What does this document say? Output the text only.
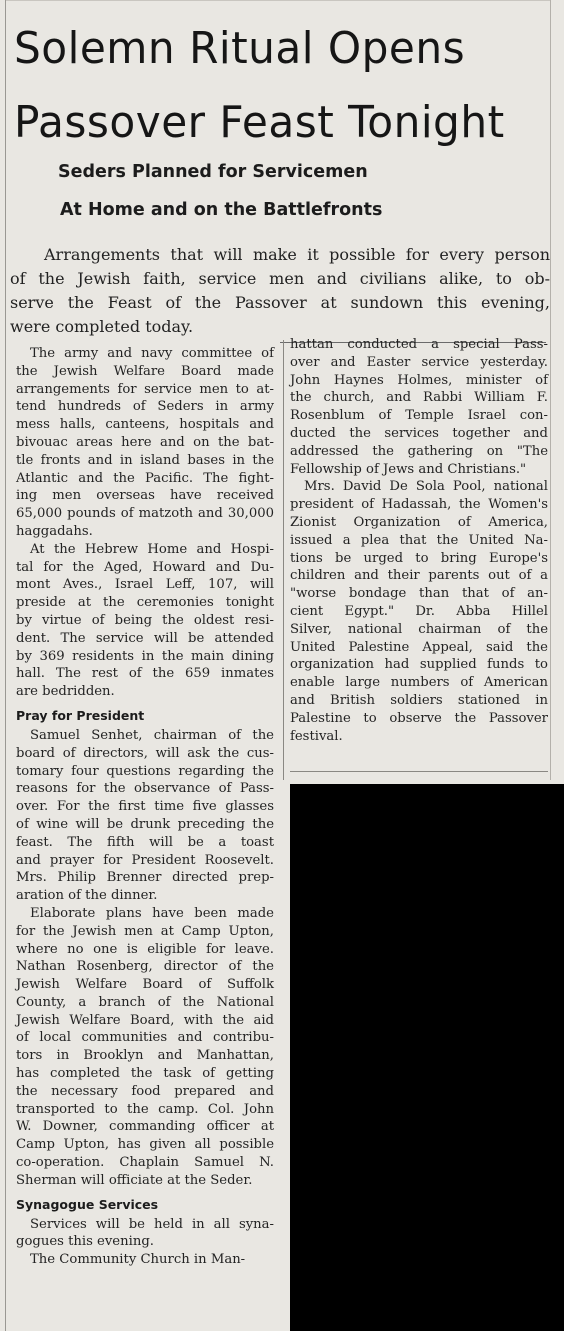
Solemn Ritual Opens
Passover Feast Tonight
Seders Planned for Servicemen
At Home and on the Battlefronts
Arrangements that will make it possible for every person
of the Jewish faith, service men and civilians alike, to ob-
serve the Feast of the Passover at sundown this evening,
were completed today.

The army and navy committee of
the Jewish Welfare Board made
arrangements for service men to at-
tend hundreds of Seders in army
mess halls, canteens, hospitals and
bivouac areas here and on the bat-
tle fronts and in island bases in the
Atlantic and the Pacific. The fight-
ing men overseas have received
65,000 pounds of matzoth and 30,000
haggadahs.

At the Hebrew Home and Hospi-
tal for the Aged, Howard and Du-
mont Aves., Israel Leff, 107, will
preside at the ceremonies tonight
by virtue of being the oldest resi-
dent. The service will be attended
by 369 residents in the main dining
hall. The rest of the 659 inmates
are bedridden.

Pray for President

Samuel Senhet, chairman of the
board of directors, will ask the cus-
tomary four questions regarding the
reasons for the observance of Pass-
over. For the first time five glasses
of wine will be drunk preceding the
feast. The fifth will be a toast
and prayer for President Roosevelt.
Mrs. Philip Brenner directed prep-
aration of the dinner.

Elaborate plans have been made
for the Jewish men at Camp Upton,
where no one is eligible for leave.
Nathan Rosenberg, director of the
Jewish Welfare Board of Suffolk
County, a branch of the National
Jewish Welfare Board, with the aid
of local communities and contribu-
tors in Brooklyn and Manhattan,
has completed the task of getting
the necessary food prepared and
transported to the camp. Col. John
W. Downer, commanding officer at
Camp Upton, has given all possible
co-operation. Chaplain Samuel N.
Sherman will officiate at the Seder.

Synagogue Services

Services will be held in all syna-
gogues this evening.

The Community Church in Man-

hattan conducted a special Pass-
over and Easter service yesterday.
John Haynes Holmes, minister of
the church, and Rabbi William F.
Rosenblum of Temple Israel con-
ducted the services together and
addressed the gathering on "The
Fellowship of Jews and Christians."

Mrs. David De Sola Pool, national
president of Hadassah, the Women's
Zionist Organization of America,
issued a plea that the United Na-
tions be urged to bring Europe's
children and their parents out of a
"worse bondage than that of an-
cient Egypt." Dr. Abba Hillel
Silver, national chairman of the
United Palestine Appeal, said the
organization had supplied funds to
enable large numbers of American
and British soldiers stationed in
Palestine to observe the Passover
festival.
